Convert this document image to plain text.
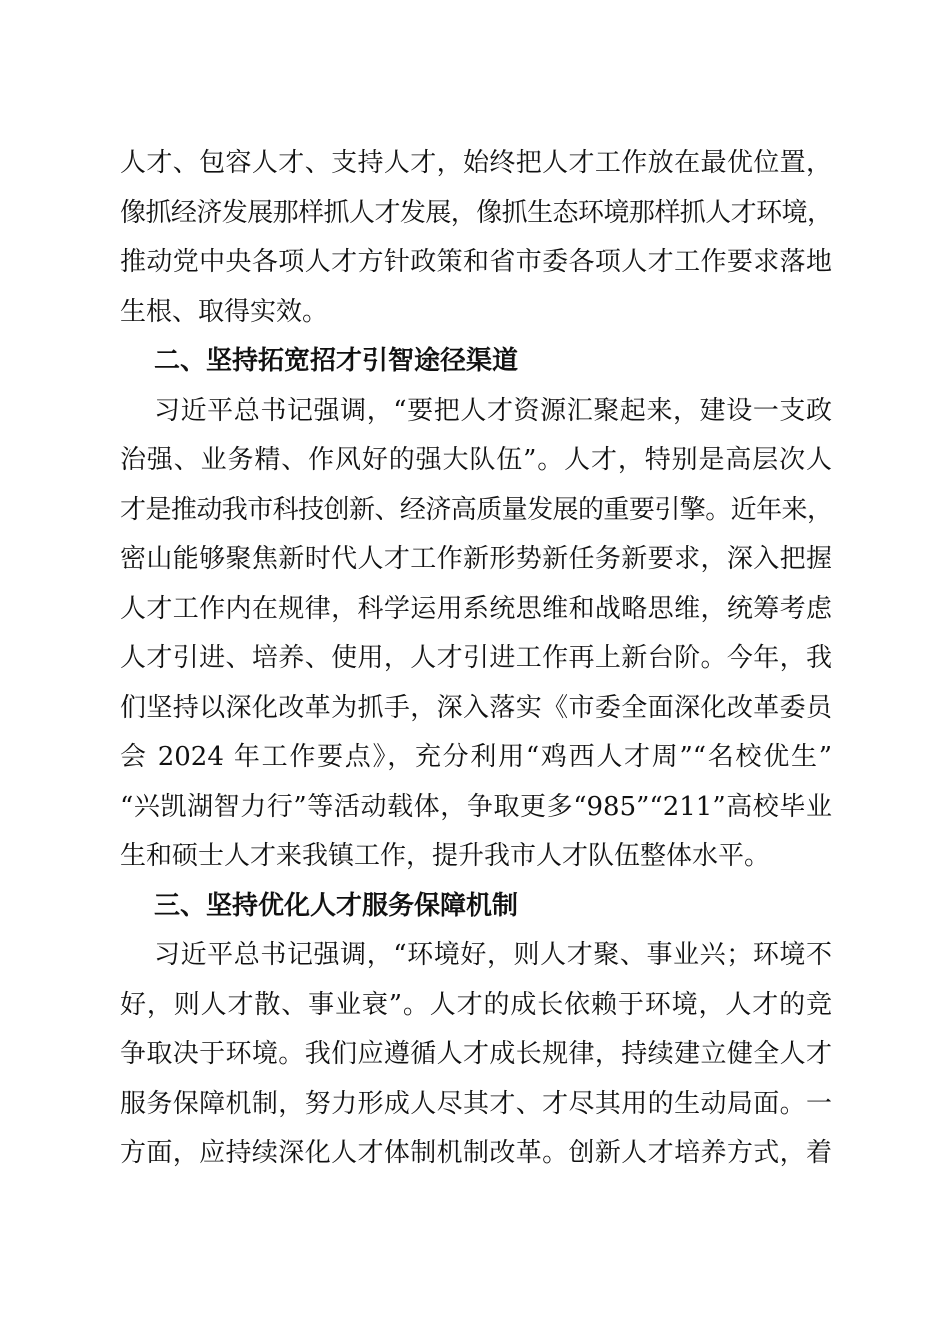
人才、包容人才、支持人才，始终把人才工作放在最优位置，
像抓经济发展那样抓人才发展，像抓生态环境那样抓人才环境，
推动党中央各项人才方针政策和省市委各项人才工作要求落地
生根、取得实效。
二、坚持拓宽招才引智途径渠道
习近平总书记强调，“要把人才资源汇聚起来，建设一支政
治强、业务精、作风好的强大队伍”。人才，特别是高层次人
才是推动我市科技创新、经济高质量发展的重要引擎。近年来，
密山能够聚焦新时代人才工作新形势新任务新要求，深入把握
人才工作内在规律，科学运用系统思维和战略思维，统筹考虑
人才引进、培养、使用，人才引进工作再上新台阶。今年，我
们坚持以深化改革为抓手，深入落实《市委全面深化改革委员
会 2024 年工作要点》，充分利用“鸡西人才周”“名校优生”
“兴凯湖智力行”等活动载体，争取更多“985”“211”高校毕业
生和硕士人才来我镇工作，提升我市人才队伍整体水平。
三、坚持优化人才服务保障机制
习近平总书记强调，“环境好，则人才聚、事业兴；环境不
好，则人才散、事业衰”。人才的成长依赖于环境，人才的竞
争取决于环境。我们应遵循人才成长规律，持续建立健全人才
服务保障机制，努力形成人尽其才、才尽其用的生动局面。一
方面，应持续深化人才体制机制改革。创新人才培养方式，着
